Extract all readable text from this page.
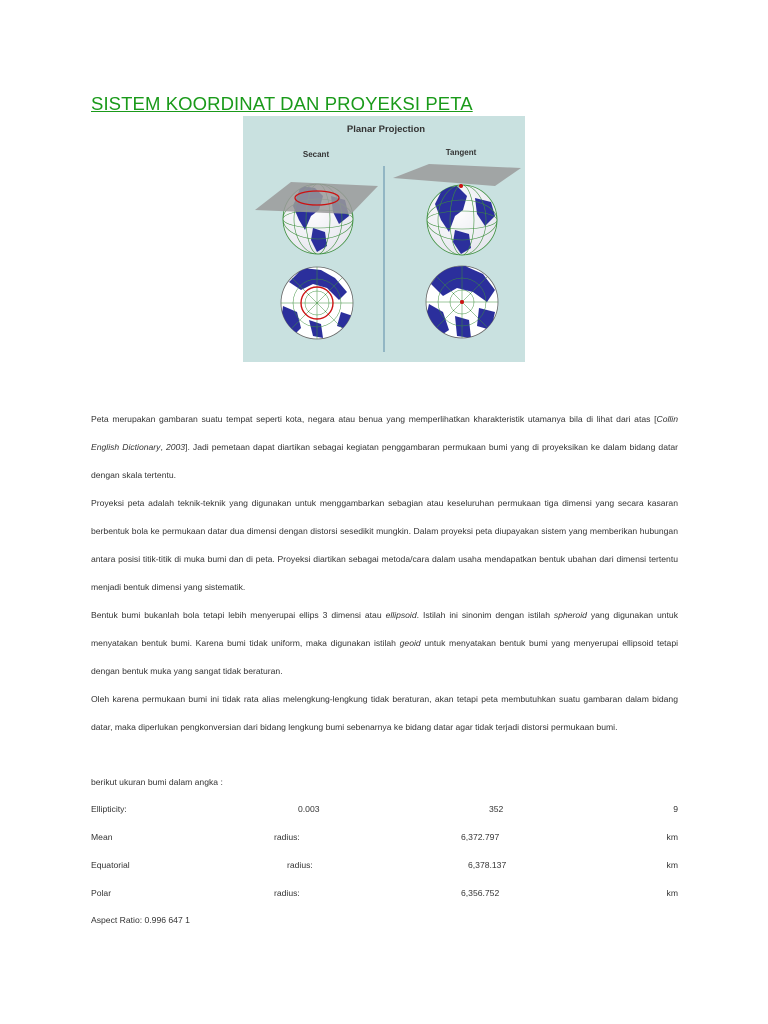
SISTEM KOORDINAT DAN PROYEKSI PETA
Planar Projection
Secant	Tangent

Peta merupakan gambaran suatu tempat seperti kota, negara atau benua yang memperlihatkan kharakteristik utamanya bila di lihat dari atas [Collin English Dictionary, 2003]. Jadi pemetaan dapat diartikan sebagai kegiatan penggambaran permukaan bumi yang di proyeksikan ke dalam bidang datar dengan skala tertentu.

Proyeksi peta adalah teknik-teknik yang digunakan untuk menggambarkan sebagian atau keseluruhan permukaan tiga dimensi yang secara kasaran berbentuk bola ke permukaan datar dua dimensi dengan distorsi sesedikit mungkin. Dalam proyeksi peta diupayakan sistem yang memberikan hubungan antara posisi titik-titik di muka bumi dan di peta. Proyeksi diartikan sebagai metoda/cara dalam usaha mendapatkan bentuk ubahan dari dimensi tertentu menjadi bentuk dimensi yang sistematik.

Bentuk bumi bukanlah bola tetapi lebih menyerupai ellips 3 dimensi atau ellipsoid. Istilah ini sinonim dengan istilah spheroid yang digunakan untuk menyatakan bentuk bumi. Karena bumi tidak uniform, maka digunakan istilah geoid untuk menyatakan bentuk bumi yang menyerupai ellipsoid tetapi dengan bentuk muka yang sangat tidak beraturan.

Oleh karena permukaan bumi ini tidak rata alias melengkung-lengkung tidak beraturan, akan tetapi peta membutuhkan suatu gambaran dalam bidang datar, maka diperlukan pengkonversian dari bidang lengkung bumi sebenarnya ke bidang datar agar tidak terjadi distorsi permukaan bumi.

berikut ukuran bumi dalam angka :
Ellipticity:	0.003	352	9
Mean	radius:	6,372.797	km
Equatorial	radius:	6,378.137	km
Polar	radius:	6,356.752	km
Aspect Ratio: 0.996 647 1
